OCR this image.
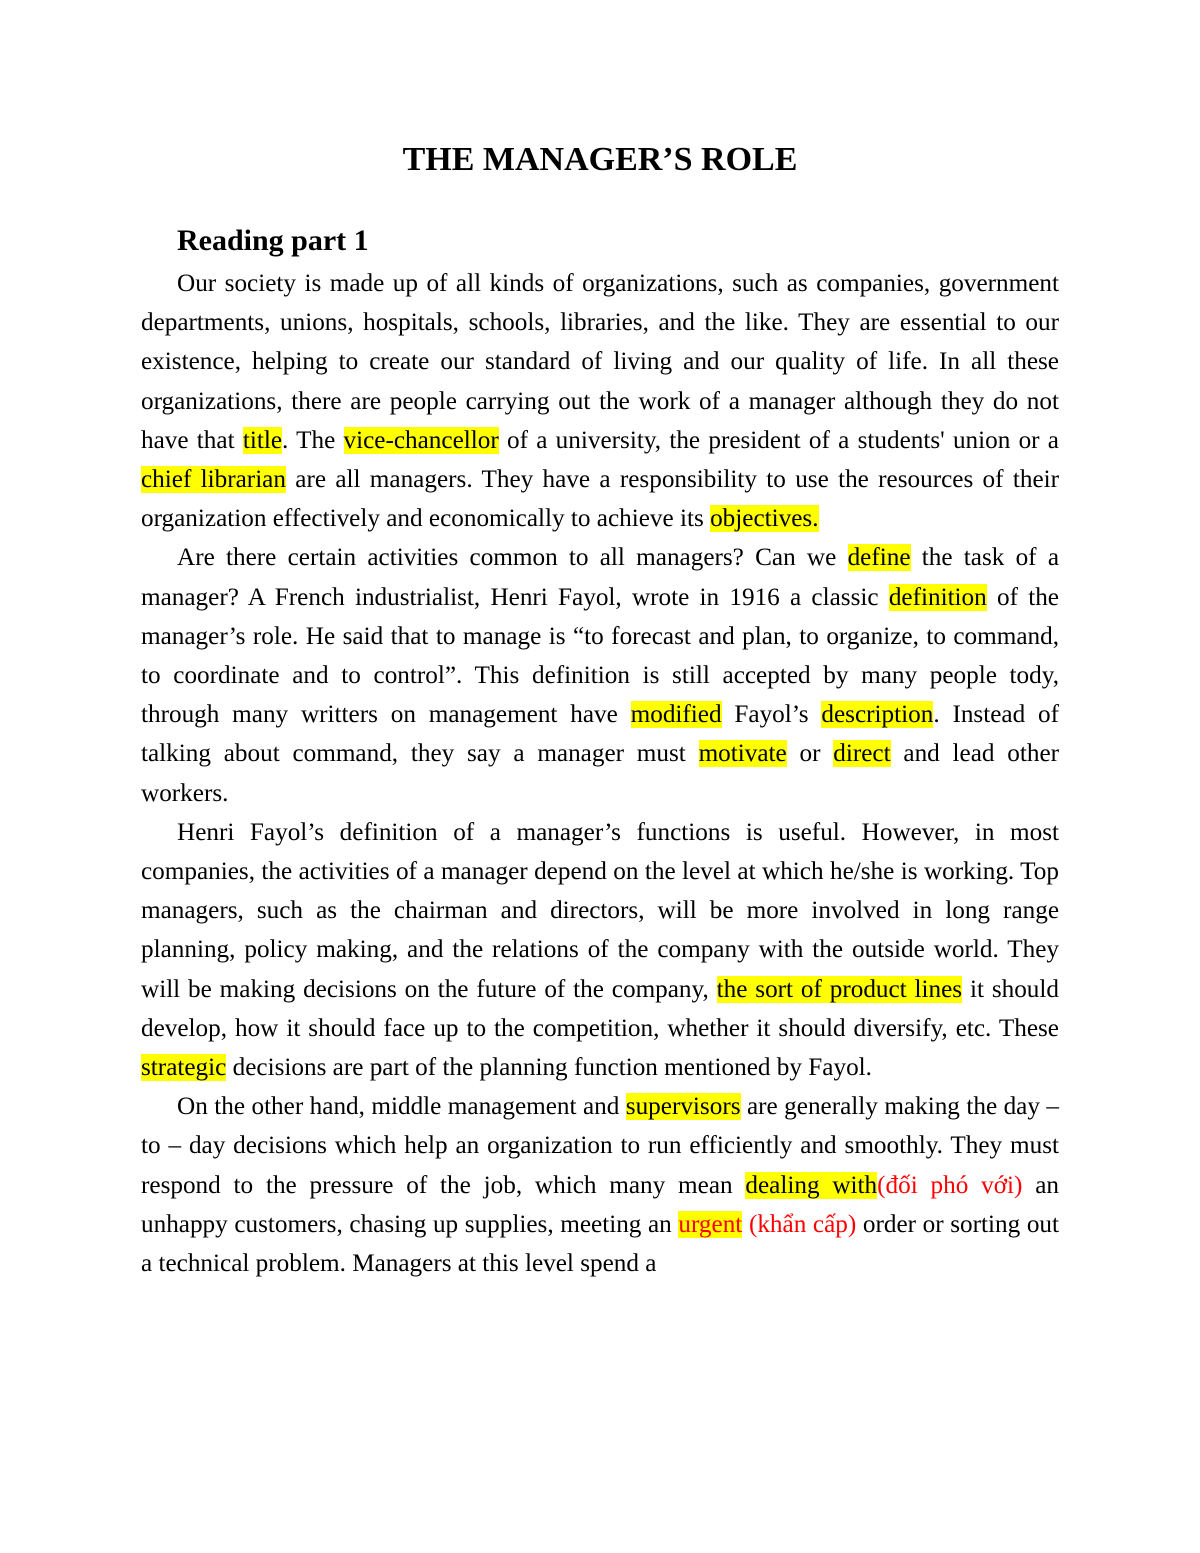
THE MANAGER’S ROLE
Reading part 1

Our society is made up of all kinds of organizations, such as companies, government departments, unions, hospitals, schools, libraries, and the like. They are essential to our existence, helping to create our standard of living and our quality of life. In all these organizations, there are people carrying out the work of a manager although they do not have that title. The vice-chancellor of a university, the president of a students' union or a chief librarian are all managers. They have a responsibility to use the resources of their organization effectively and economically to achieve its objectives.

Are there certain activities common to all managers? Can we define the task of a manager? A French industrialist, Henri Fayol, wrote in 1916 a classic definition of the manager’s role. He said that to manage is “to forecast and plan, to organize, to command, to coordinate and to control”. This definition is still accepted by many people tody, through many writters on management have modified Fayol’s description. Instead of talking about command, they say a manager must motivate or direct and lead other workers.

Henri Fayol’s definition of a manager’s functions is useful. However, in most companies, the activities of a manager depend on the level at which he/she is working. Top managers, such as the chairman and directors, will be more involved in long range planning, policy making, and the relations of the company with the outside world. They will be making decisions on the future of the company, the sort of product lines it should develop, how it should face up to the competition, whether it should diversify, etc. These strategic decisions are part of the planning function mentioned by Fayol.

On the other hand, middle management and supervisors are generally making the day – to – day decisions which help an organization to run efficiently and smoothly. They must respond to the pressure of the job, which many mean dealing with(đối phó với) an unhappy customers, chasing up supplies, meeting an urgent (khẩn cấp) order or sorting out a technical problem. Managers at this level spend a
